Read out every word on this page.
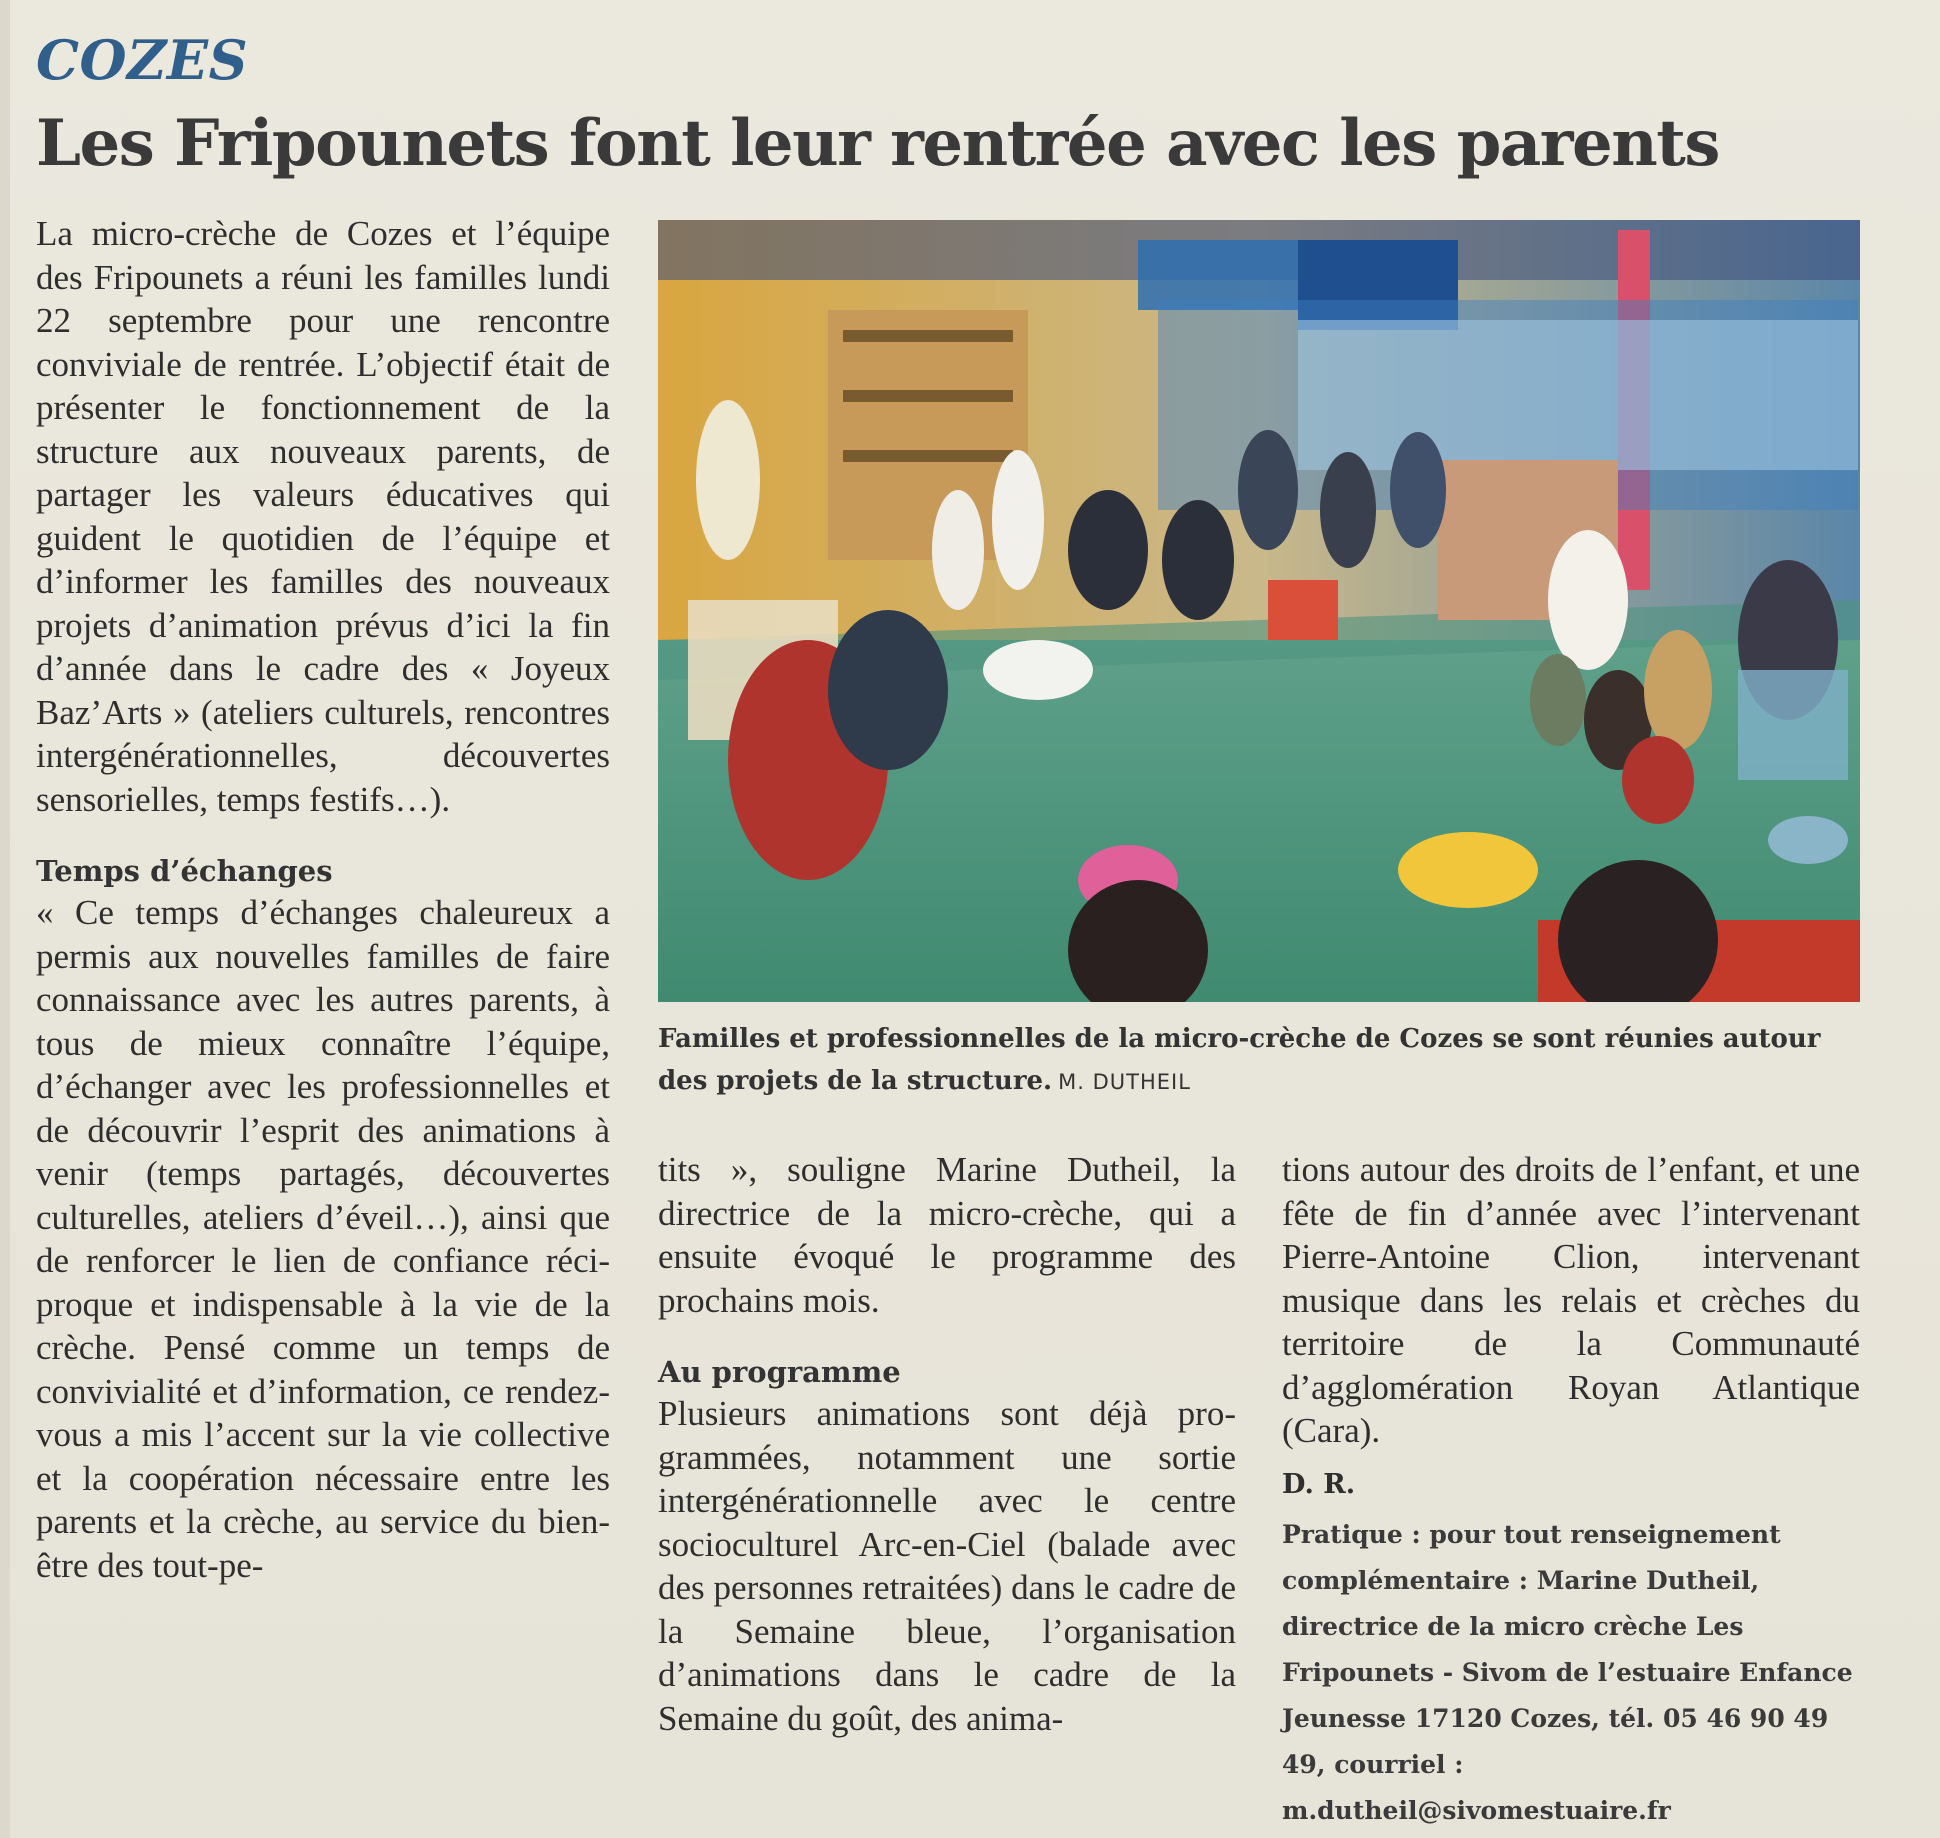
COZES
Les Fripounets font leur rentrée avec les parents

La micro-crèche de Cozes et l’équipe des Fripounets a réuni les familles lundi 22 septembre pour une rencontre conviviale de rentrée. L’objectif était de présenter le fonctionnement de la structure aux nouveaux parents, de partager les valeurs éducatives qui guident le quotidien de l’équipe et d’informer les familles des nouveaux projets d’animation prévus d’ici la fin d’année dans le cadre des « Joyeux Baz’Arts » (ateliers culturels, rencontres intergénérationnelles, découvertes sensorielles, temps festifs…).

Temps d’échanges

« Ce temps d’échanges chaleureux a permis aux nouvelles familles de faire connaissance avec les autres parents, à tous de mieux connaître l’équipe, d’échanger avec les professionnelles et de découvrir l’esprit des animations à venir (temps partagés, découvertes culturelles, ateliers d’éveil…), ainsi que de renforcer le lien de confiance réciproque et indispensable à la vie de la crèche. Pensé comme un temps de convivialité et d’information, ce rendez-vous a mis l’accent sur la vie collective et la coopération nécessaire entre les parents et la crèche, au service du bien-être des tout-pe-

Familles et professionnelles de la micro-crèche de Cozes se sont réunies autour des projets de la structure. M. DUTHEIL

tits », souligne Marine Dutheil, la directrice de la micro-crèche, qui a ensuite évoqué le programme des prochains mois.

Au programme

Plusieurs animations sont déjà programmées, notamment une sortie intergénérationnelle avec le centre socioculturel Arc-en-Ciel (balade avec des personnes retraitées) dans le cadre de la Semaine bleue, l’organisation d’animations dans le cadre de la Semaine du goût, des anima-

tions autour des droits de l’enfant, et une fête de fin d’année avec l’intervenant Pierre-Antoine Clion, intervenant musique dans les relais et crèches du territoire de la Communauté d’agglomération Royan Atlantique (Cara).

D. R.

Pratique : pour tout renseignement complémentaire : Marine Dutheil, directrice de la micro crèche Les Fripounets - Sivom de l’estuaire Enfance Jeunesse 17120 Cozes, tél. 05 46 90 49 49, courriel : m.dutheil@sivomestuaire.fr
